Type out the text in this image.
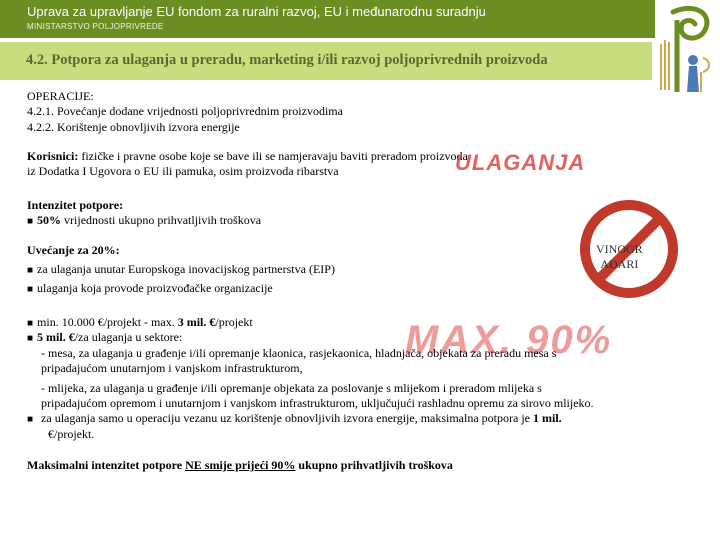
Uprava za upravljanje EU fondom za ruralni razvoj, EU i međunarodnu suradnju
MINISTARSTVO POLJOPRIVREDE
4.2. Potpora za ulaganja u preradu, marketing i/ili razvoj poljoprivrednih proizvoda
OPERACIJE:
4.2.1. Povećanje dodane vrijednosti poljoprivrednim proizvodima
4.2.2. Korištenje obnovljivih izvora energije
Korisnici: fizičke i pravne osobe koje se bave ili se namjeravaju baviti preradom proizvoda
iz Dodatka I Ugovora o EU ili pamuka, osim proizvoda ribarstva
Intenzitet potpore:
■ 50% vrijednosti ukupno prihvatljivih troškova
Uvećanje za 20%:
■ za ulaganja unutar Europskoga inovacijskog partnerstva (EIP)
■ ulaganja koja provode proizvođačke organizacije
VINOGR
ADARI
MAX. 90%
■ min. 10.000 €/projekt - max. 3 mil. €/projekt
■ 5 mil. €/za ulaganja u sektore:
- mesa, za ulaganja u građenje i/ili opremanje klaonica, rasjekaonica, hladnjača, objekata za preradu mesa s
pripadajućom unutarnjom i vanjskom infrastrukturom,
- mlijeka, za ulaganja u građenje i/ili opremanje objekata za poslovanje s mlijekom i preradom mlijeka s
pripadajućom opremom i unutarnjom i vanjskom infrastrukturom, uključujući rashladnu opremu za sirovo mlijeko.
■ za ulaganja samo u operaciju vezanu uz korištenje obnovljivih izvora energije, maksimalna potpora je 1 mil.
€/projekt.
Maksimalni intenzitet potpore NE smije prijeći 90% ukupno prihvatljivih troškova
ULAGANJA
